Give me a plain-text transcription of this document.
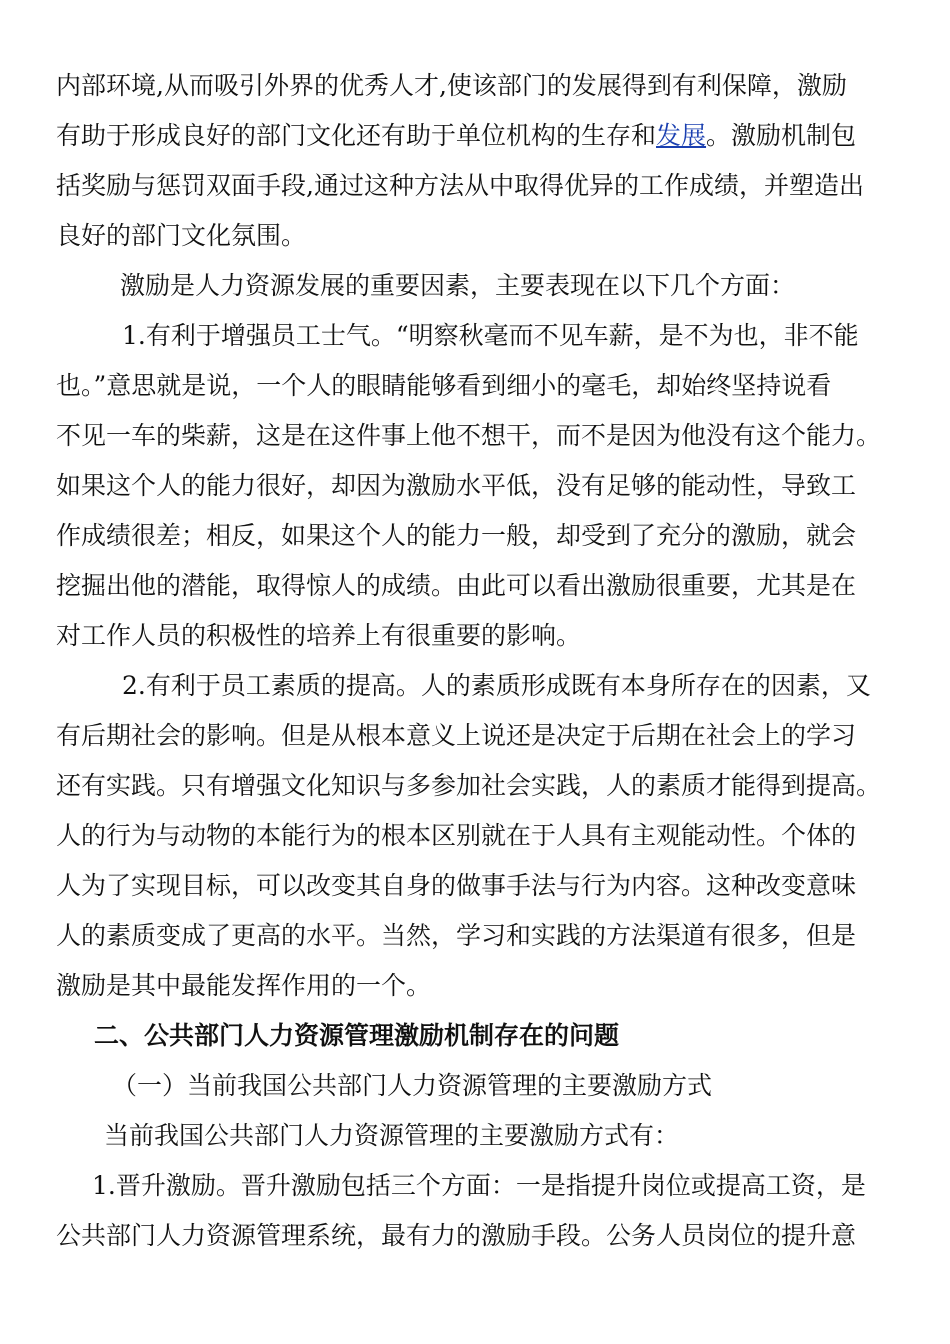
内部环境,从而吸引外界的优秀人才,使该部门的发展得到有利保障，激励
有助于形成良好的部门文化还有助于单位机构的生存和发展。激励机制包
括奖励与惩罚双面手段,通过这种方法从中取得优异的工作成绩，并塑造出
良好的部门文化氛围。
激励是人力资源发展的重要因素，主要表现在以下几个方面：
1.有利于增强员工士气。“明察秋毫而不见车薪，是不为也，非不能
也。”意思就是说，一个人的眼睛能够看到细小的毫毛，却始终坚持说看
不见一车的柴薪，这是在这件事上他不想干，而不是因为他没有这个能力。
如果这个人的能力很好，却因为激励水平低，没有足够的能动性，导致工
作成绩很差；相反，如果这个人的能力一般，却受到了充分的激励，就会
挖掘出他的潜能，取得惊人的成绩。由此可以看出激励很重要，尤其是在
对工作人员的积极性的培养上有很重要的影响。
2.有利于员工素质的提高。人的素质形成既有本身所存在的因素，又
有后期社会的影响。但是从根本意义上说还是决定于后期在社会上的学习
还有实践。只有增强文化知识与多参加社会实践，人的素质才能得到提高。
人的行为与动物的本能行为的根本区别就在于人具有主观能动性。个体的
人为了实现目标，可以改变其自身的做事手法与行为内容。这种改变意味
人的素质变成了更高的水平。当然，学习和实践的方法渠道有很多，但是
激励是其中最能发挥作用的一个。
二、公共部门人力资源管理激励机制存在的问题
（一）当前我国公共部门人力资源管理的主要激励方式
当前我国公共部门人力资源管理的主要激励方式有：
1.晋升激励。晋升激励包括三个方面：一是指提升岗位或提高工资，是
公共部门人力资源管理系统，最有力的激励手段。公务人员岗位的提升意
